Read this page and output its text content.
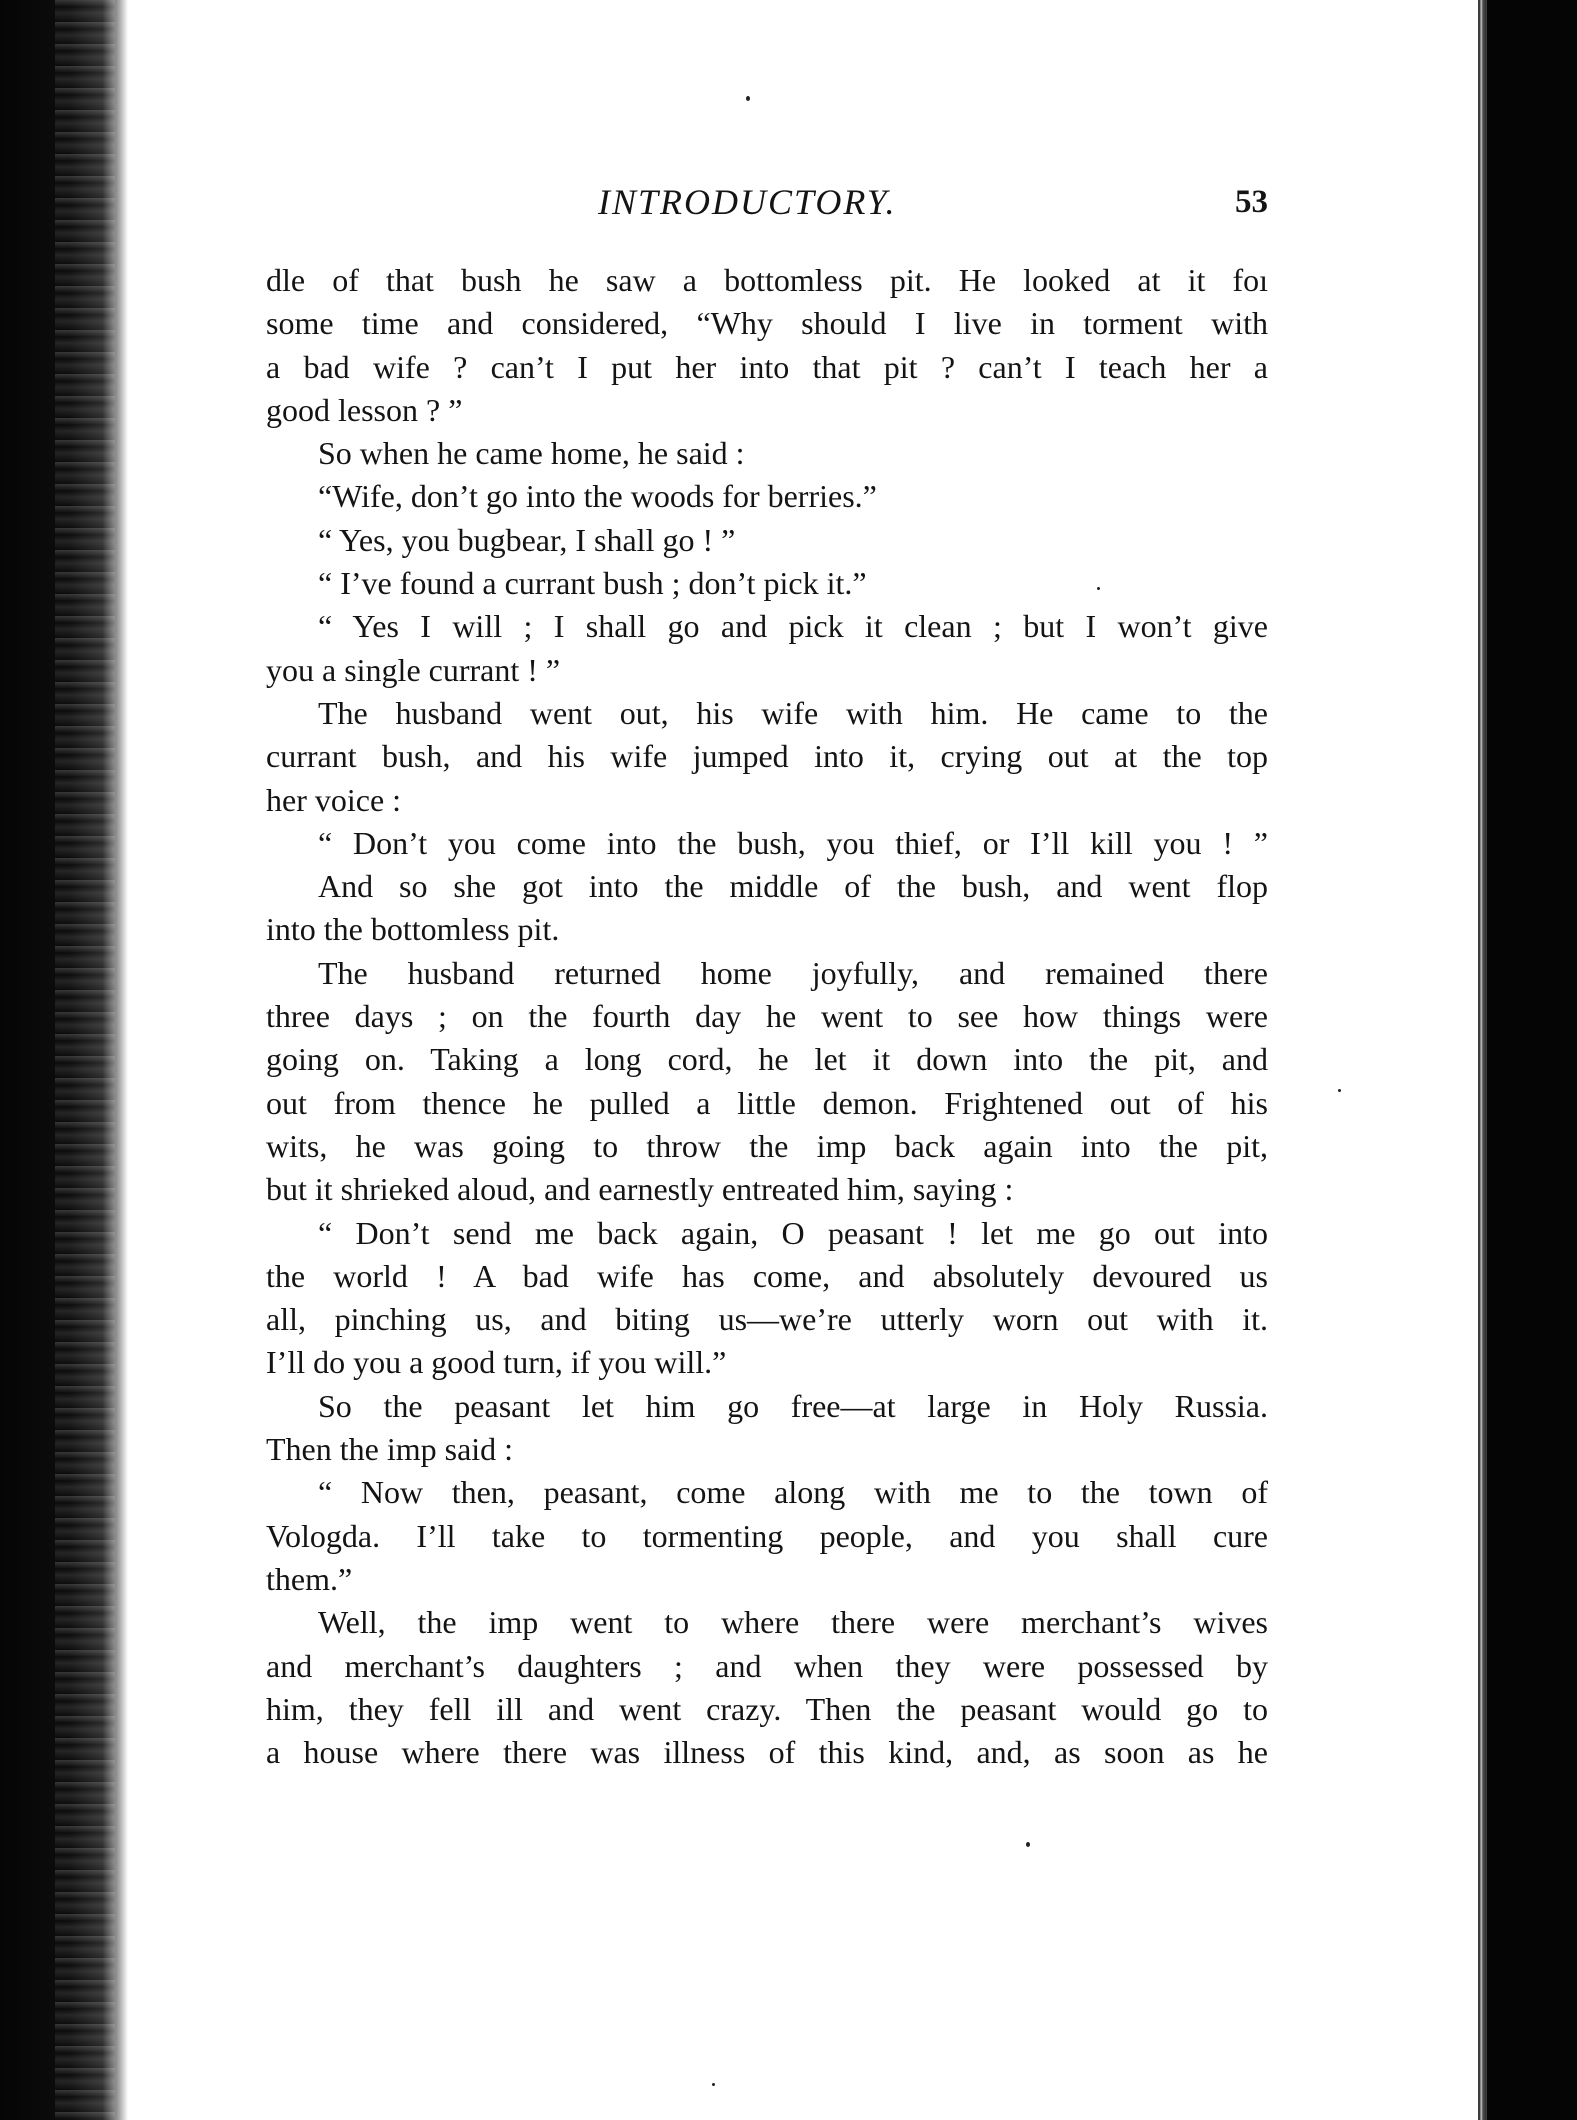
INTRODUCTORY.	53
dle of that bush he saw a bottomless pit. He looked at it foı
some time and considered, “Why should I live in torment with
a bad wife ? can’t I put her into that pit ? can’t I teach her a
good lesson ? ”
So when he came home, he said :
“Wife, don’t go into the woods for berries.”
“ Yes, you bugbear, I shall go ! ”
“ I’ve found a currant bush ; don’t pick it.”
“ Yes I will ; I shall go and pick it clean ; but I won’t give
you a single currant ! ”
The husband went out, his wife with him. He came to the
currant bush, and his wife jumped into it, crying out at the top
her voice :
“ Don’t you come into the bush, you thief, or I’ll kill you ! ”
And so she got into the middle of the bush, and went flop
into the bottomless pit.
The husband returned home joyfully, and remained there
three days ; on the fourth day he went to see how things were
going on. Taking a long cord, he let it down into the pit, and
out from thence he pulled a little demon. Frightened out of his
wits, he was going to throw the imp back again into the pit,
but it shrieked aloud, and earnestly entreated him, saying :
“ Don’t send me back again, O peasant ! let me go out into
the world ! A bad wife has come, and absolutely devoured us
all, pinching us, and biting us—we’re utterly worn out with it.
I’ll do you a good turn, if you will.”
So the peasant let him go free—at large in Holy Russia.
Then the imp said :
“ Now then, peasant, come along with me to the town of
Vologda. I’ll take to tormenting people, and you shall cure
them.”
Well, the imp went to where there were merchant’s wives
and merchant’s daughters ; and when they were possessed by
him, they fell ill and went crazy. Then the peasant would go to
a house where there was illness of this kind, and, as soon as he
